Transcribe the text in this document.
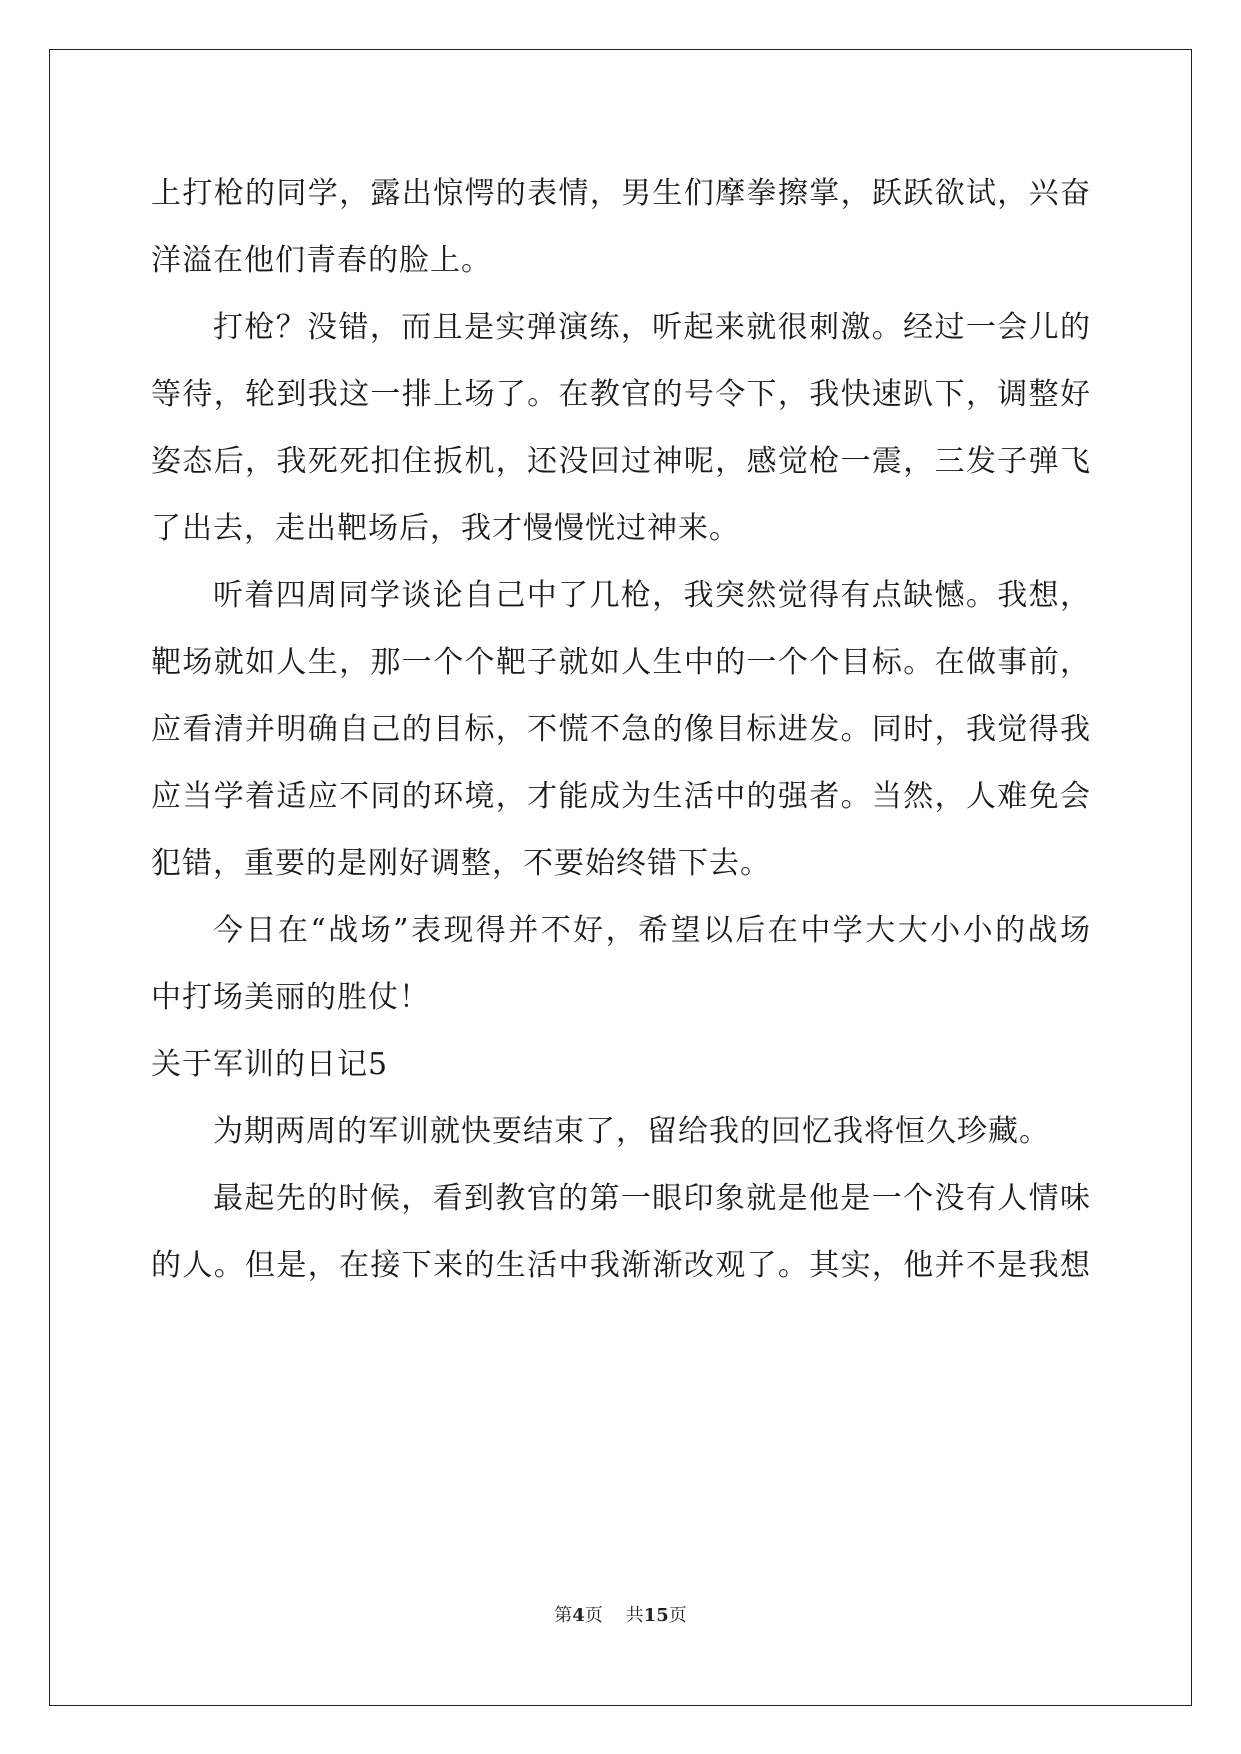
上打枪的同学，露出惊愕的表情，男生们摩拳擦掌，跃跃欲试，兴奋
洋溢在他们青春的脸上。
打枪？没错，而且是实弹演练，听起来就很刺激。经过一会儿的
等待，轮到我这一排上场了。在教官的号令下，我快速趴下，调整好
姿态后，我死死扣住扳机，还没回过神呢，感觉枪一震，三发子弹飞
了出去，走出靶场后，我才慢慢恍过神来。
听着四周同学谈论自己中了几枪，我突然觉得有点缺憾。我想，
靶场就如人生，那一个个靶子就如人生中的一个个目标。在做事前，
应看清并明确自己的目标，不慌不急的像目标进发。同时，我觉得我
应当学着适应不同的环境，才能成为生活中的强者。当然，人难免会
犯错，重要的是刚好调整，不要始终错下去。
今日在“战场”表现得并不好，希望以后在中学大大小小的战场
中打场美丽的胜仗！
关于军训的日记5
为期两周的军训就快要结束了，留给我的回忆我将恒久珍藏。
最起先的时候，看到教官的第一眼印象就是他是一个没有人情味
的人。但是，在接下来的生活中我渐渐改观了。其实，他并不是我想
第4页 共15页
